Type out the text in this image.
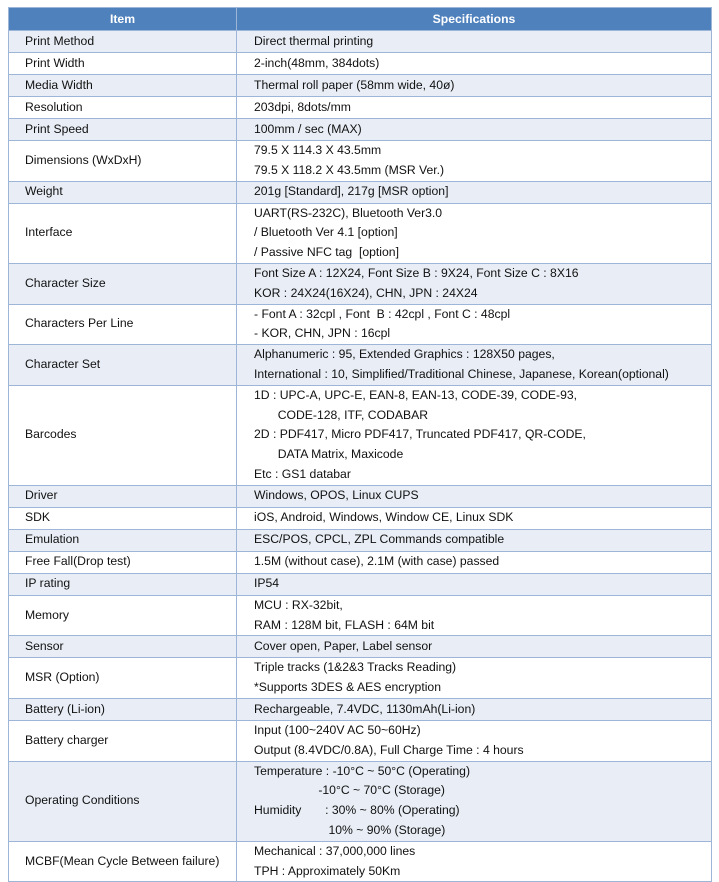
Item	Specifications
Print Method	Direct thermal printing

Print Width	2-inch(48mm, 384dots)

Media Width	Thermal roll paper (58mm wide, 40ø)

Resolution	203dpi, 8dots/mm

Print Speed	100mm / sec (MAX)

Dimensions (WxDxH)	79.5 X 114.3 X 43.5mm
79.5 X 118.2 X 43.5mm (MSR Ver.)

Weight	201g [Standard], 217g [MSR option]

Interface	UART(RS-232C), Bluetooth Ver3.0
/ Bluetooth Ver 4.1 [option]
/ Passive NFC tag  [option]

Character Size	Font Size A : 12X24, Font Size B : 9X24, Font Size C : 8X16
KOR : 24X24(16X24), CHN, JPN : 24X24

Characters Per Line	- Font A : 32cpl , Font  B : 42cpl , Font C : 48cpl
- KOR, CHN, JPN : 16cpl

Character Set	Alphanumeric : 95, Extended Graphics : 128X50 pages,
International : 10, Simplified/Traditional Chinese, Japanese, Korean(optional)

Barcodes	1D : UPC-A, UPC-E, EAN-8, EAN-13, CODE-39, CODE-93,
CODE-128, ITF, CODABAR
2D : PDF417, Micro PDF417, Truncated PDF417, QR-CODE,
DATA Matrix, Maxicode
Etc : GS1 databar

Driver	Windows, OPOS, Linux CUPS

SDK	iOS, Android, Windows, Window CE, Linux SDK

Emulation	ESC/POS, CPCL, ZPL Commands compatible

Free Fall(Drop test)	1.5M (without case), 2.1M (with case) passed

IP rating	IP54

Memory	MCU : RX-32bit,
RAM : 128M bit, FLASH : 64M bit

Sensor	Cover open, Paper, Label sensor

MSR (Option)	Triple tracks (1&2&3 Tracks Reading)
*Supports 3DES & AES encryption

Battery (Li-ion)	Rechargeable, 7.4VDC, 1130mAh(Li-ion)

Battery charger	Input (100~240V AC 50~60Hz)
Output (8.4VDC/0.8A), Full Charge Time : 4 hours

Operating Conditions	Temperature : -10°C ~ 50°C (Operating)
-10°C ~ 70°C (Storage)
Humidity       : 30% ~ 80% (Operating)
10% ~ 90% (Storage)

MCBF(Mean Cycle Between failure)	Mechanical : 37,000,000 lines
TPH : Approximately 50Km
